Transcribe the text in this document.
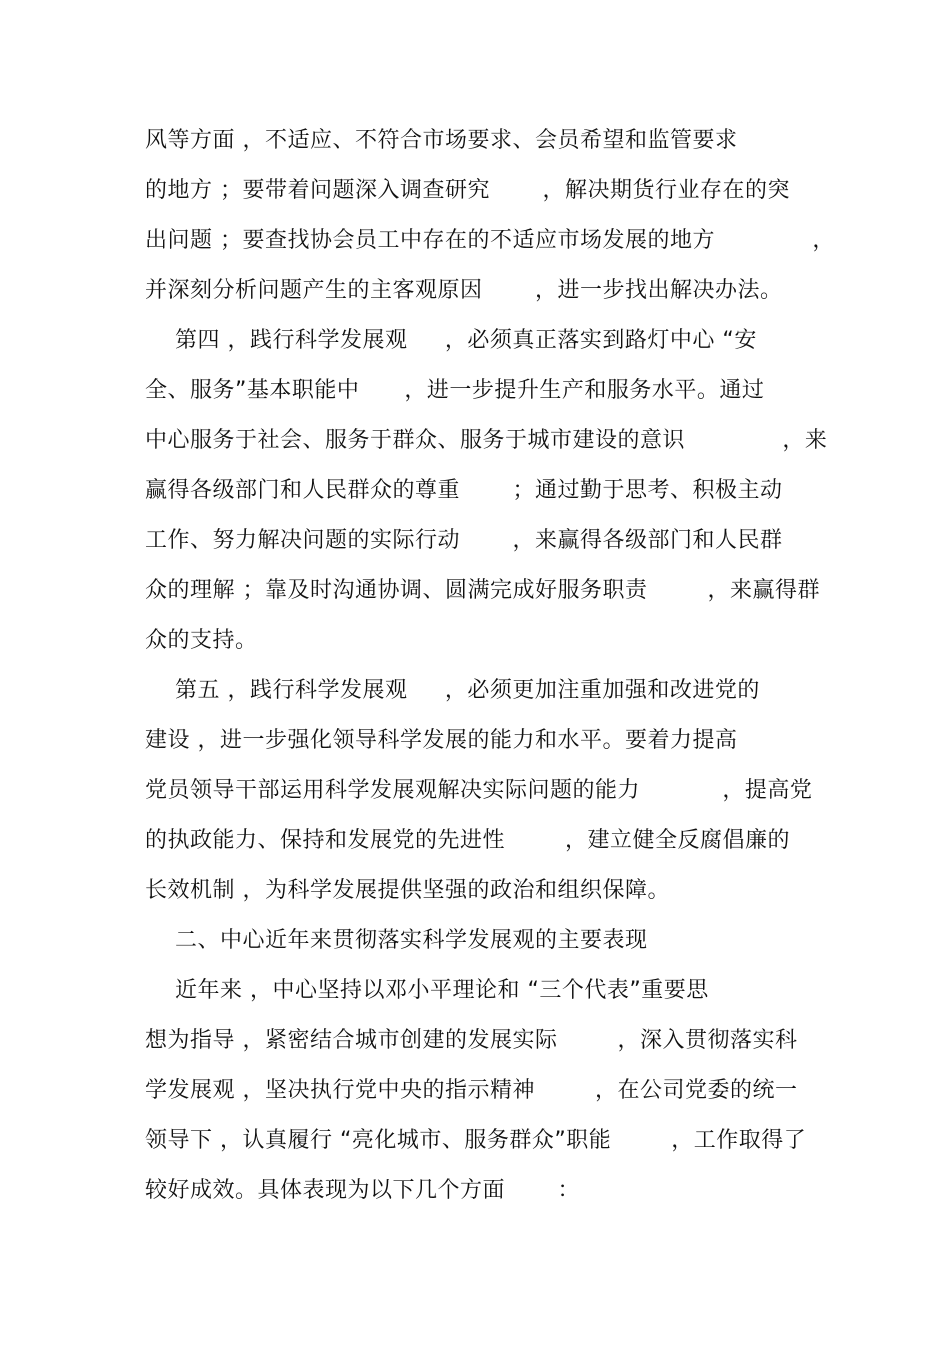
风等方面 ，不适应、不符合市场要求、会员希望和监管要求
的地方 ；要带着问题深入调查研究       ，解决期货行业存在的突
出问题 ；要查找协会员工中存在的不适应市场发展的地方             ，
并深刻分析问题产生的主客观原因       ，进一步找出解决办法。
第四 ，践行科学发展观     ，必须真正落实到路灯中心 “安
全、服务”基本职能中      ，进一步提升生产和服务水平。通过
中心服务于社会、服务于群众、服务于城市建设的意识             ，来
赢得各级部门和人民群众的尊重       ；通过勤于思考、积极主动
工作、努力解决问题的实际行动       ，来赢得各级部门和人民群
众的理解 ；靠及时沟通协调、圆满完成好服务职责        ，来赢得群
众的支持。
第五 ，践行科学发展观     ，必须更加注重加强和改进党的
建设 ，进一步强化领导科学发展的能力和水平。要着力提高
党员领导干部运用科学发展观解决实际问题的能力           ，提高党
的执政能力、保持和发展党的先进性        ，建立健全反腐倡廉的
长效机制 ，为科学发展提供坚强的政治和组织保障。
二、中心近年来贯彻落实科学发展观的主要表现
近年来 ，中心坚持以邓小平理论和 “三个代表”重要思
想为指导 ，紧密结合城市创建的发展实际        ，深入贯彻落实科
学发展观 ，坚决执行党中央的指示精神        ，在公司党委的统一
领导下 ，认真履行 “亮化城市、服务群众”职能        ，工作取得了
较好成效。具体表现为以下几个方面       ：
